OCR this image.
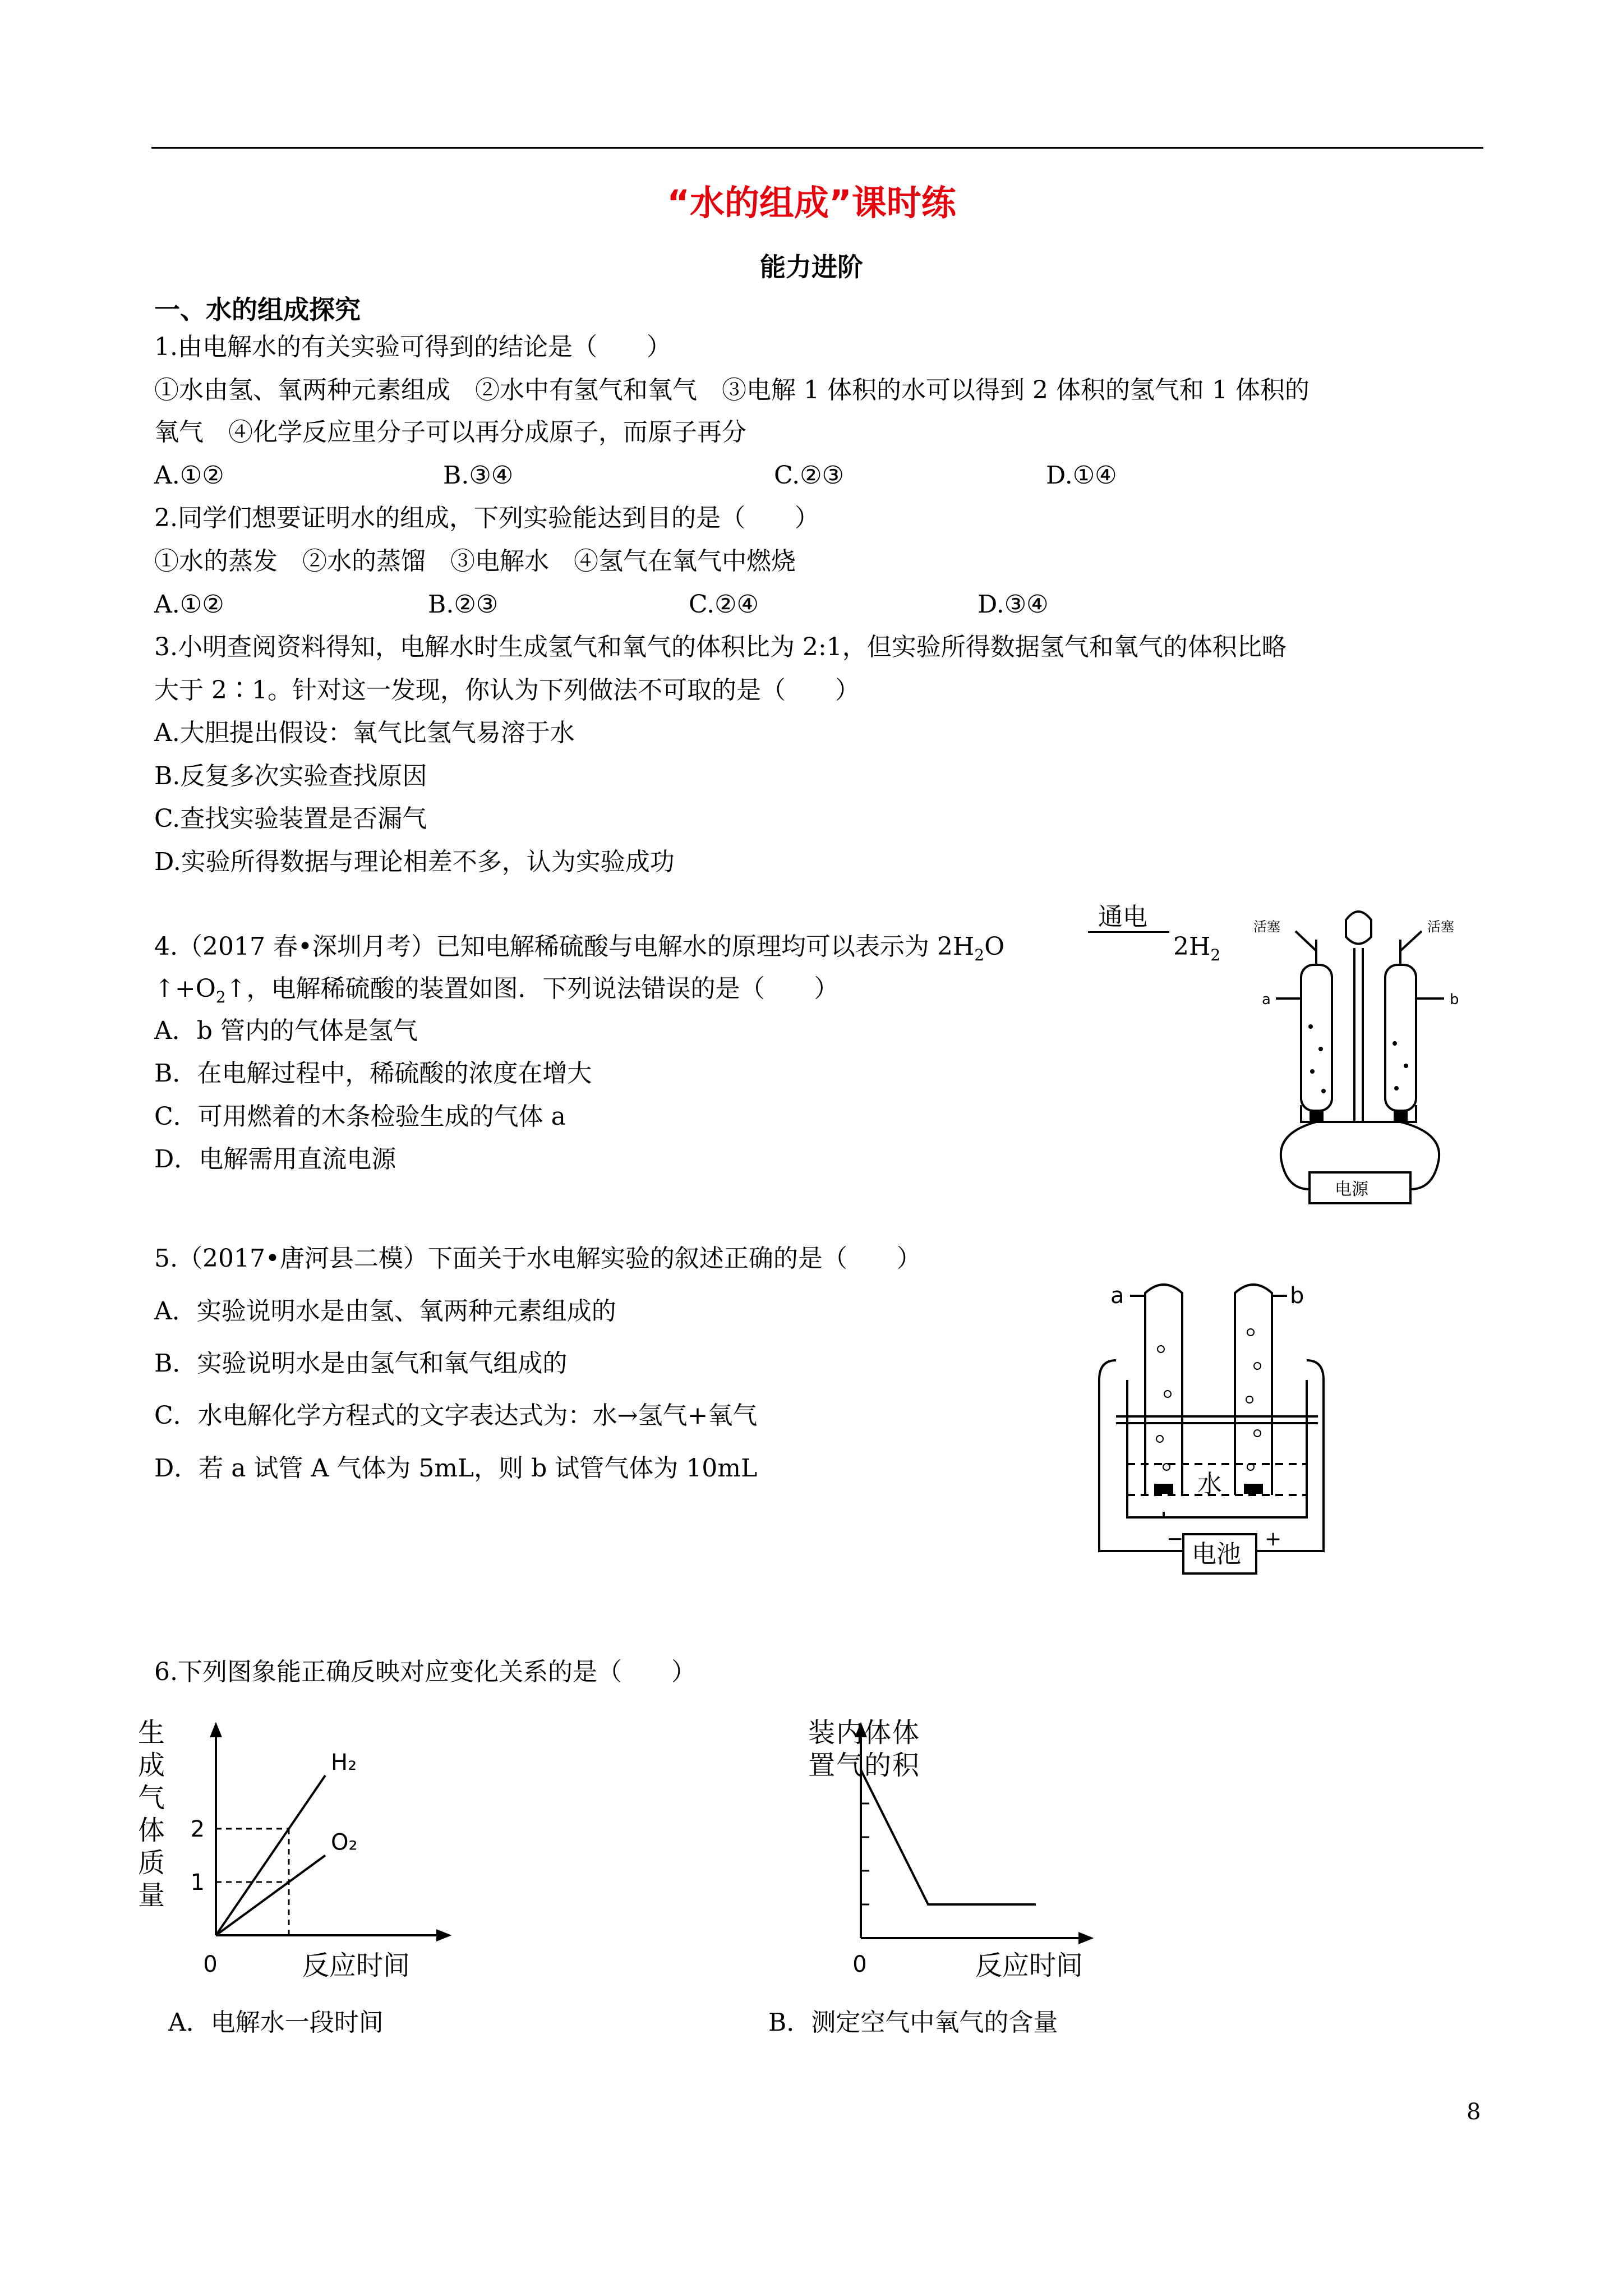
“水的组成”课时练
能力进阶
一、水的组成探究
1.由电解水的有关实验可得到的结论是（　　）
①水由氢、氧两种元素组成　②水中有氢气和氧气　③电解 1 体积的水可以得到 2 体积的氢气和 1 体积的
氧气　④化学反应里分子可以再分成原子，而原子再分
A.①②	B.③④	C.②③	D.①④
2.同学们想要证明水的组成，下列实验能达到目的是（　　）
①水的蒸发　②水的蒸馏　③电解水　④氢气在氧气中燃烧
A.①②	B.②③	C.②④	D.③④
3.小明查阅资料得知，电解水时生成氢气和氧气的体积比为 2:1，但实验所得数据氢气和氧气的体积比略
大于 2∶1。针对这一发现，你认为下列做法不可取的是（　　）
A.大胆提出假设：氧气比氢气易溶于水
B.反复多次实验查找原因
C.查找实验装置是否漏气
D.实验所得数据与理论相差不多，认为实验成功
4.（2017 春•深圳月考）已知电解稀硫酸与电解水的原理均可以表示为 $2H_2O$
通电
$2H_2$
$↑+O_2↑$，电解稀硫酸的装置如图．下列说法错误的是（　　）
A．b 管内的气体是氢气
B．在电解过程中，稀硫酸的浓度在增大
C．可用燃着的木条检验生成的气体 a
D．电解需用直流电源
活塞	活塞
a	b
电源
5.（2017•唐河县二模）下面关于水电解实验的叙述正确的是（　　）
A．实验说明水是由氢、氧两种元素组成的
B．实验说明水是由氢气和氧气组成的
C．水电解化学方程式的文字表达式为：水→氢气+氧气
D．若 a 试管 A 气体为 5mL，则 b 试管气体为 10mL
a	b
水
电池
−	+
6.下列图象能正确反映对应变化关系的是（　　）
生
成
气
体
质
量
0	反应时间
1
2
H₂
O₂
装
置
内
气
体
的
体
积
0	反应时间
A．电解水一段时间	B．测定空气中氧气的含量
8
